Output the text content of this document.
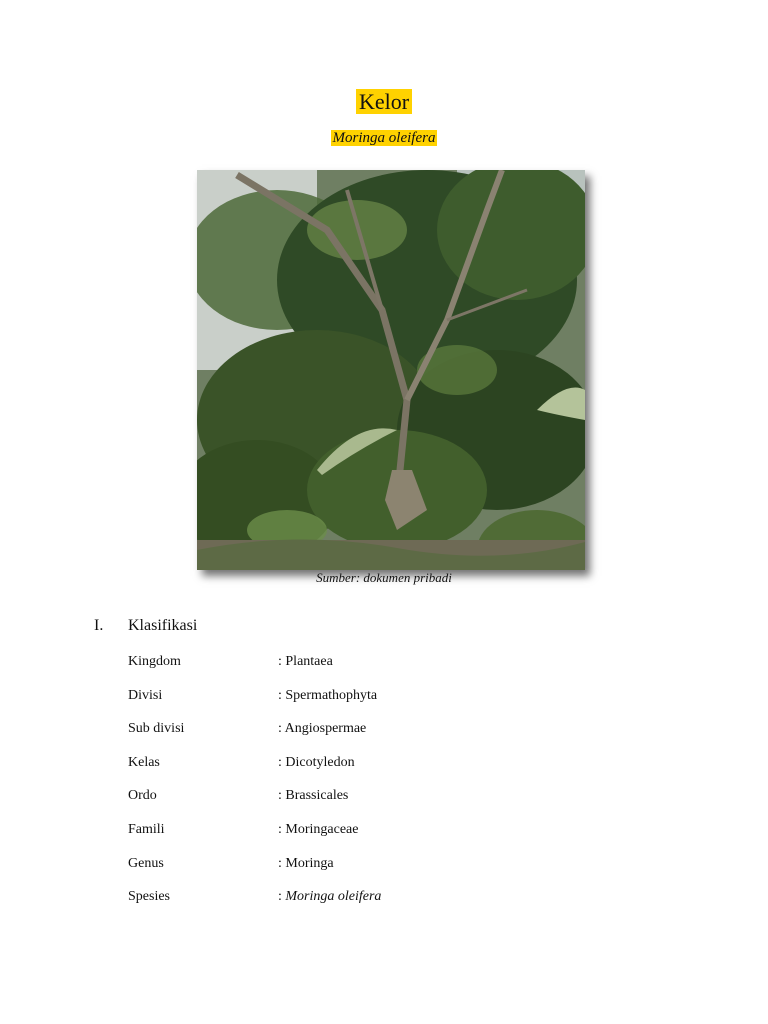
Kelor
Moringa oleifera
Sumber: dokumen pribadi
I. Klasifikasi
Kingdom	: Plantaea
Divisi	: Spermathophyta
Sub divisi	: Angiospermae
Kelas	: Dicotyledon
Ordo	: Brassicales
Famili	: Moringaceae
Genus	: Moringa
Spesies	: Moringa oleifera
